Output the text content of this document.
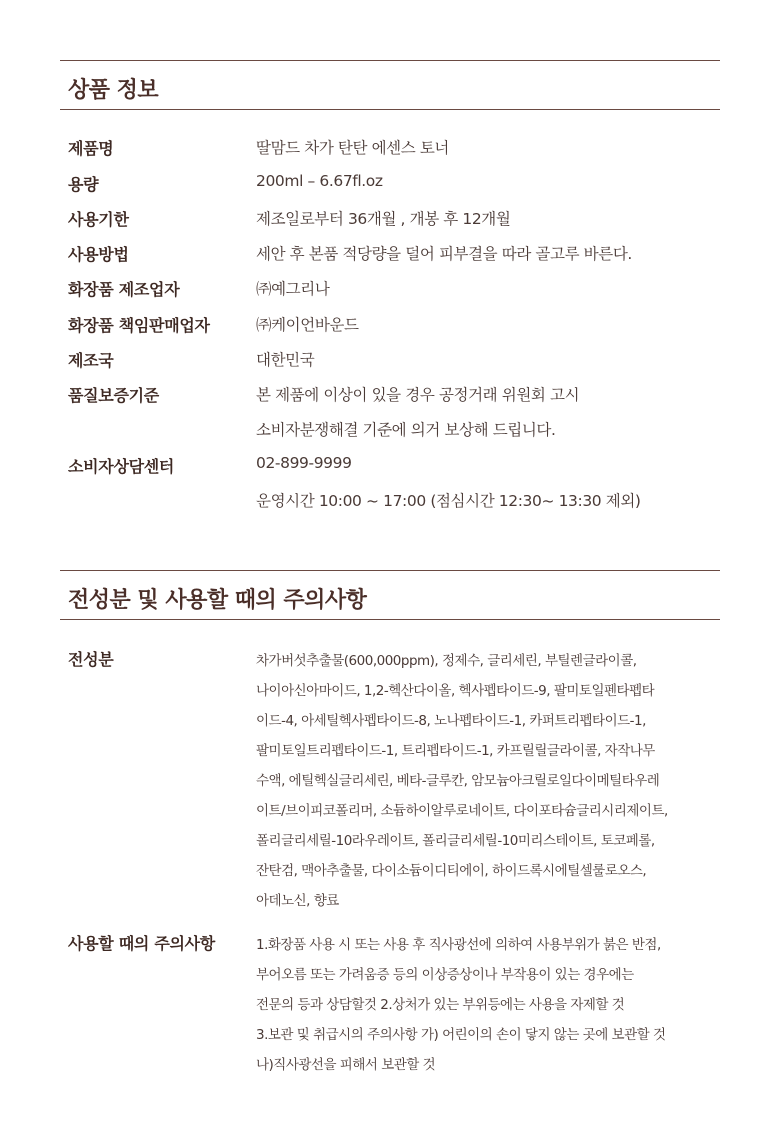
상품 정보
제품명	딸맘드 차가 탄탄 에센스 토너
용량	200ml – 6.67fl.oz
사용기한	제조일로부터 36개월 , 개봉 후 12개월
사용방법	세안 후 본품 적당량을 덜어 피부결을 따라 골고루 바른다.
화장품 제조업자	㈜예그리나
화장품 책임판매업자	㈜케이언바운드
제조국	대한민국
품질보증기준	본 제품에 이상이 있을 경우 공정거래 위원회 고시
소비자분쟁해결 기준에 의거 보상해 드립니다.
소비자상담센터	02-899-9999
운영시간 10:00 ~ 17:00 (점심시간 12:30~ 13:30 제외)
전성분 및 사용할 때의 주의사항
전성분	차가버섯추출물(600,000ppm), 정제수, 글리세린, 부틸렌글라이콜,
나이아신아마이드, 1,2-헥산다이올, 헥사펩타이드-9, 팔미토일펜타펩타
이드-4, 아세틸헥사펩타이드-8, 노나펩타이드-1, 카퍼트리펩타이드-1,
팔미토일트리펩타이드-1, 트리펩타이드-1, 카프릴릴글라이콜, 자작나무
수액, 에틸헥실글리세린, 베타-글루칸, 암모늄아크릴로일다이메틸타우레
이트/브이피코폴리머, 소듐하이알루로네이트, 다이포타슘글리시리제이트,
폴리글리세릴-10라우레이트, 폴리글리세릴-10미리스테이트, 토코페롤,
잔탄검, 맥아추출물, 다이소듐이디티에이, 하이드록시에틸셀룰로오스,
아데노신, 향료
사용할 때의 주의사항	1.화장품 사용 시 또는 사용 후 직사광선에 의하여 사용부위가 붉은 반점,
부어오름 또는 가려움증 등의 이상증상이나 부작용이 있는 경우에는
전문의 등과 상담할것 2.상처가 있는 부위등에는 사용을 자제할 것
3.보관 및 취급시의 주의사항 가) 어린이의 손이 닿지 않는 곳에 보관할 것
나)직사광선을 피해서 보관할 것
